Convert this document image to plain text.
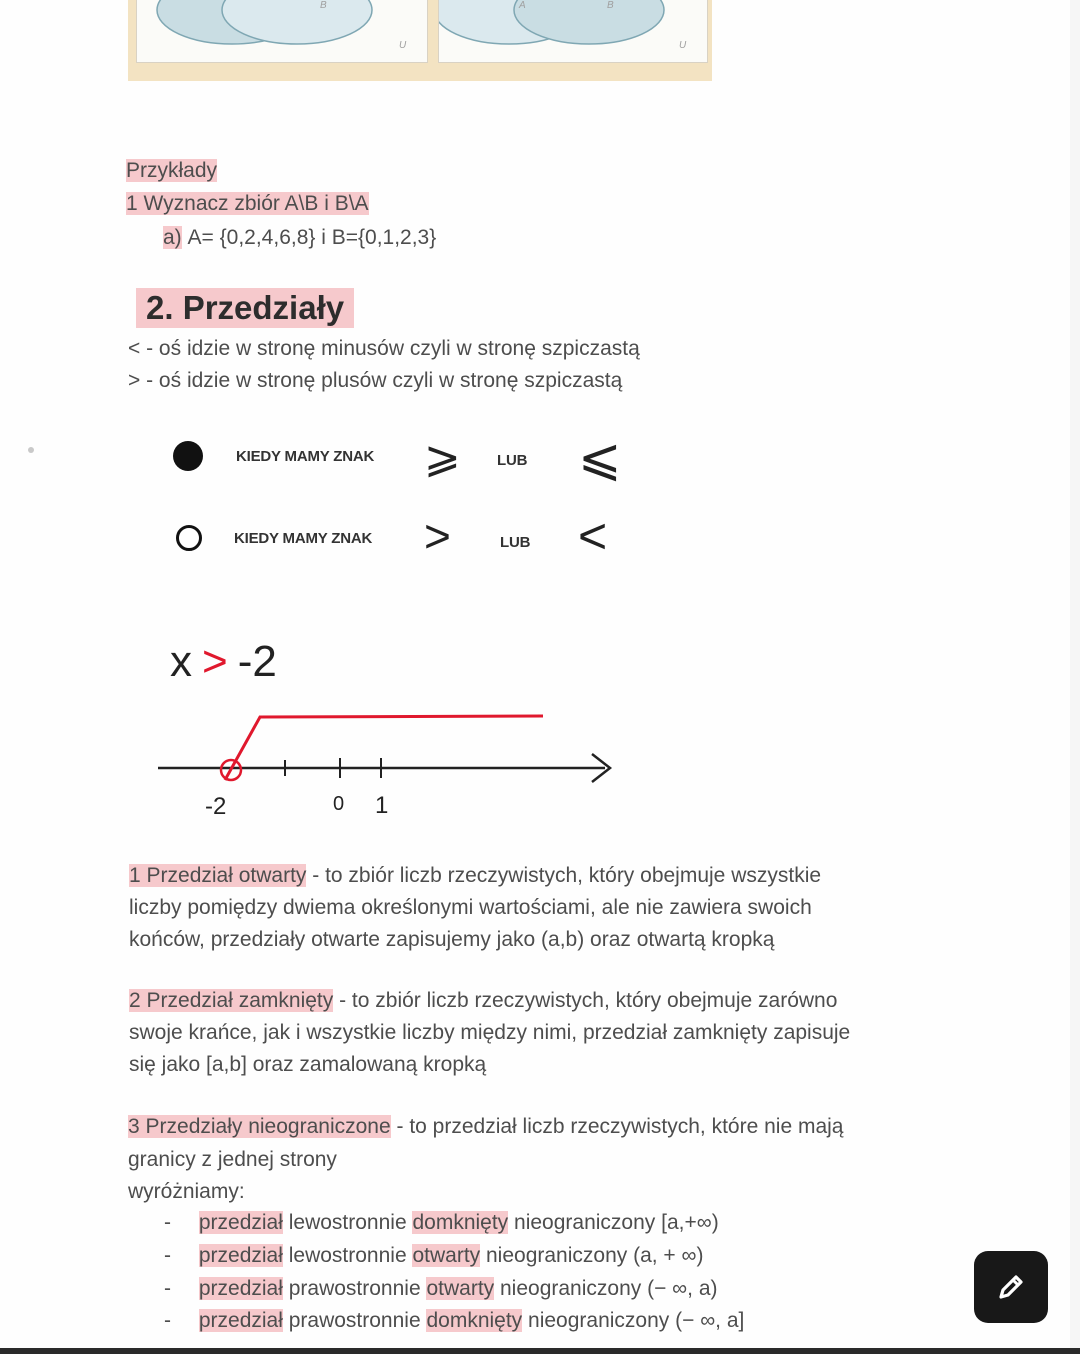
B
U
A	B
U
Przykłady
1 Wyznacz zbiór A\B i B\A
a) A= {0,2,4,6,8} i B={0,1,2,3}
2. Przedziały
< - oś idzie w stronę minusów czyli w stronę szpiczastą
> - oś idzie w stronę plusów czyli w stronę szpiczastą
KIEDY MAMY ZNAK ⩾ LUB ⩽
KIEDY MAMY ZNAK >	LUB <
x > -2
-2	0 1
1 Przedział otwarty - to zbiór liczb rzeczywistych, który obejmuje wszystkie
liczby pomiędzy dwiema określonymi wartościami, ale nie zawiera swoich
końców, przedziały otwarte zapisujemy jako (a,b) oraz otwartą kropką
2 Przedział zamknięty - to zbiór liczb rzeczywistych, który obejmuje zarówno
swoje krańce, jak i wszystkie liczby między nimi, przedział zamknięty zapisuje
się jako [a,b] oraz zamalowaną kropką
3 Przedziały nieograniczone - to przedział liczb rzeczywistych, które nie mają
granicy z jednej strony
wyróżniamy:
- przedział lewostronnie domknięty nieograniczony [a,+∞)
- przedział lewostronnie otwarty nieograniczony (a, + ∞)
- przedział prawostronnie otwarty nieograniczony (− ∞, a)
- przedział prawostronnie domknięty nieograniczony (− ∞, a]
